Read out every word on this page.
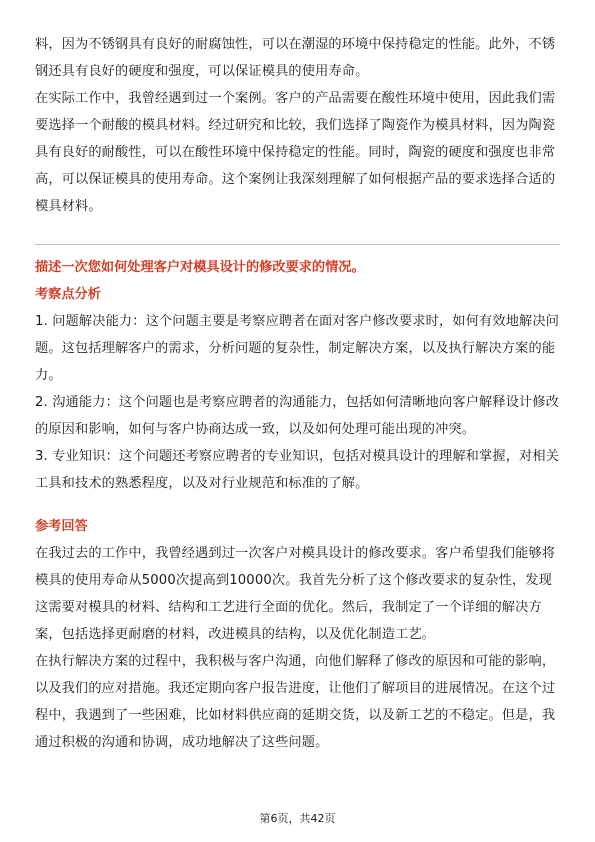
料，因为不锈钢具有良好的耐腐蚀性，可以在潮湿的环境中保持稳定的性能。此外，不锈钢还具有良好的硬度和强度，可以保证模具的使用寿命。

在实际工作中，我曾经遇到过一个案例。客户的产品需要在酸性环境中使用，因此我们需要选择一个耐酸的模具材料。经过研究和比较，我们选择了陶瓷作为模具材料，因为陶瓷具有良好的耐酸性，可以在酸性环境中保持稳定的性能。同时，陶瓷的硬度和强度也非常高，可以保证模具的使用寿命。这个案例让我深刻理解了如何根据产品的要求选择合适的模具材料。

描述一次您如何处理客户对模具设计的修改要求的情况。

考察点分析

1. 问题解决能力：这个问题主要是考察应聘者在面对客户修改要求时，如何有效地解决问题。这包括理解客户的需求，分析问题的复杂性，制定解决方案，以及执行解决方案的能力。

2. 沟通能力：这个问题也是考察应聘者的沟通能力，包括如何清晰地向客户解释设计修改的原因和影响，如何与客户协商达成一致，以及如何处理可能出现的冲突。

3. 专业知识：这个问题还考察应聘者的专业知识，包括对模具设计的理解和掌握，对相关工具和技术的熟悉程度，以及对行业规范和标准的了解。

参考回答

在我过去的工作中，我曾经遇到过一次客户对模具设计的修改要求。客户希望我们能够将模具的使用寿命从5000次提高到10000次。我首先分析了这个修改要求的复杂性，发现这需要对模具的材料、结构和工艺进行全面的优化。然后，我制定了一个详细的解决方案，包括选择更耐磨的材料，改进模具的结构，以及优化制造工艺。

在执行解决方案的过程中，我积极与客户沟通，向他们解释了修改的原因和可能的影响，以及我们的应对措施。我还定期向客户报告进度，让他们了解项目的进展情况。在这个过程中，我遇到了一些困难，比如材料供应商的延期交货，以及新工艺的不稳定。但是，我通过积极的沟通和协调，成功地解决了这些问题。

第6页，共42页
